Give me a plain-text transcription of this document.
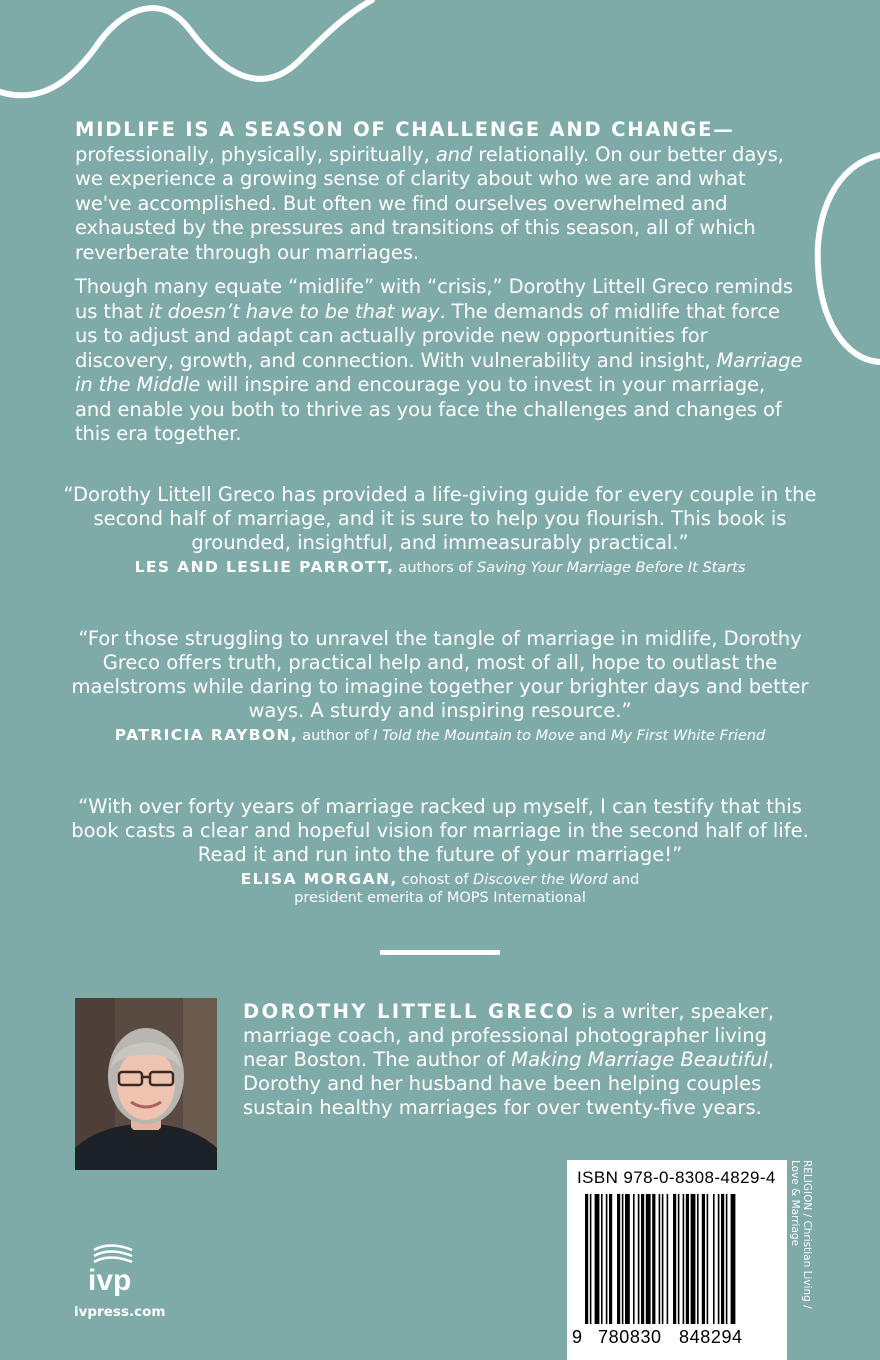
MIDLIFE IS A SEASON OF CHALLENGE AND CHANGE—professionally, physically, spiritually, and relationally. On our better days, we experience a growing sense of clarity about who we are and what we've accomplished. But often we find ourselves overwhelmed and exhausted by the pressures and transitions of this season, all of which reverberate through our marriages.

Though many equate “midlife” with “crisis,” Dorothy Littell Greco reminds us that it doesn’t have to be that way. The demands of midlife that force us to adjust and adapt can actually provide new opportunities for discovery, growth, and connection. With vulnerability and insight, Marriage in the Middle will inspire and encourage you to invest in your marriage, and enable you both to thrive as you face the challenges and changes of this era together.

“Dorothy Littell Greco has provided a life-giving guide for every couple in the second half of marriage, and it is sure to help you flourish. This book is grounded, insightful, and immeasurably practical.”

LES AND LESLIE PARROTT, authors of Saving Your Marriage Before It Starts

“For those struggling to unravel the tangle of marriage in midlife, Dorothy Greco offers truth, practical help and, most of all, hope to outlast the maelstroms while daring to imagine together your brighter days and better ways. A sturdy and inspiring resource.”

PATRICIA RAYBON, author of I Told the Mountain to Move and My First White Friend

“With over forty years of marriage racked up myself, I can testify that this book casts a clear and hopeful vision for marriage in the second half of life. Read it and run into the future of your marriage!”

ELISA MORGAN, cohost of Discover the Word and
president emerita of MOPS International
DOROTHY LITTELL GRECO is a writer, speaker, marriage coach, and professional photographer living near Boston. The author of Making Marriage Beautiful, Dorothy and her husband have been helping couples sustain healthy marriages for over twenty-five years.
ISBN 978-0-8308-4829-4
9 780830 848294
RELIGION / Christian Living /
Love & Marriage
ivp
ivpress.com
